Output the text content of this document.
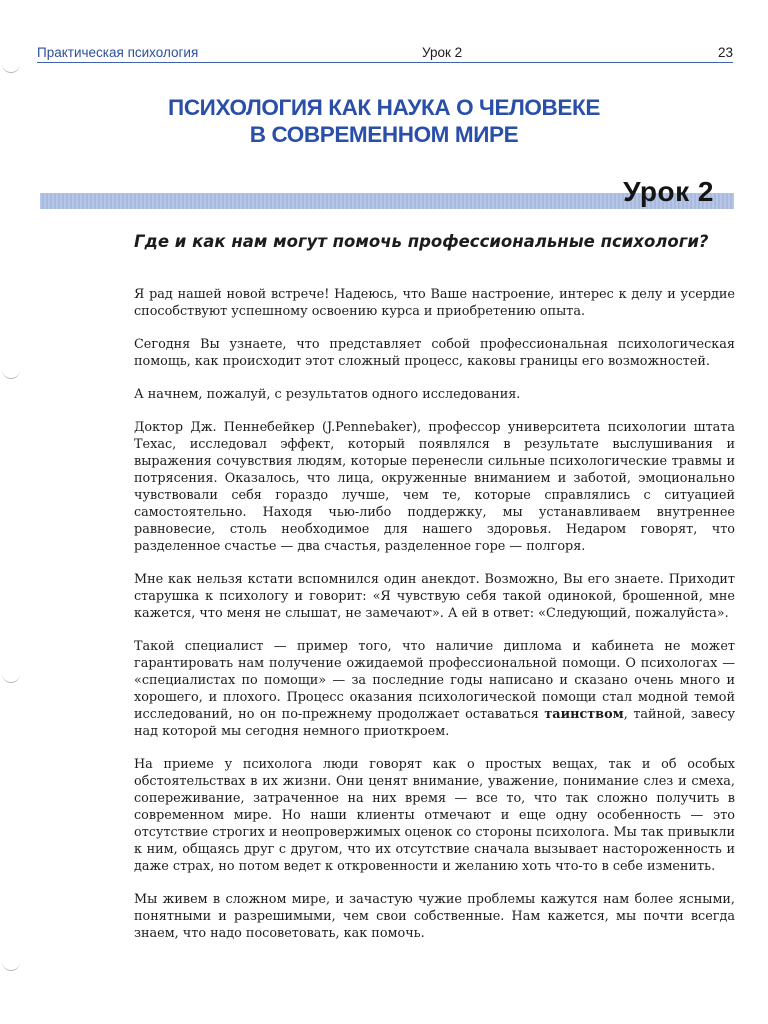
Практическая психология	Урок 2	23
ПСИХОЛОГИЯ КАК НАУКА О ЧЕЛОВЕКЕ
В СОВРЕМЕННОМ МИРЕ
Урок 2
Где и как нам могут помочь профессиональные психологи?

Я рад нашей новой встрече! Надеюсь, что Ваше настроение, интерес к делу и усердие способствуют успешному освоению курса и приобретению опыта.

Сегодня Вы узнаете, что представляет собой профессиональная психологическая помощь, как происходит этот сложный процесс, каковы границы его возможностей.

А начнем, пожалуй, с результатов одного исследования.

Доктор Дж. Пеннебейкер (J.Pennebaker), профессор университета психологии штата Техас, исследовал эффект, который появлялся в результате выслушивания и выражения сочувствия людям, которые перенесли сильные психологические травмы и потрясения. Оказалось, что лица, окруженные вниманием и заботой, эмоционально чувствовали себя гораздо лучше, чем те, которые справлялись с ситуацией самостоятельно. Находя чью-либо поддержку, мы устанавливаем внутреннее равновесие, столь необходимое для нашего здоровья. Недаром говорят, что разделенное счастье — два счастья, разделенное горе — полгоря.

Мне как нельзя кстати вспомнился один анекдот. Возможно, Вы его знаете. Приходит старушка к психологу и говорит: «Я чувствую себя такой одинокой, брошенной, мне кажется, что меня не слышат, не замечают». А ей в ответ: «Следующий, пожалуйста».

Такой специалист — пример того, что наличие диплома и кабинета не может гарантировать нам получение ожидаемой профессиональной помощи. О психологах — «специалистах по помощи» — за последние годы написано и сказано очень много и хорошего, и плохого. Процесс оказания психологической помощи стал модной темой исследований, но он по-прежнему продолжает оставаться таинством, тайной, завесу над которой мы сегодня немного приоткроем.

На приеме у психолога люди говорят как о простых вещах, так и об особых обстоятельствах в их жизни. Они ценят внимание, уважение, понимание слез и смеха, сопереживание, затраченное на них время — все то, что так сложно получить в современном мире. Но наши клиенты отмечают и еще одну особенность — это отсутствие строгих и неопровержимых оценок со стороны психолога. Мы так привыкли к ним, общаясь друг с другом, что их отсутствие сначала вызывает настороженность и даже страх, но потом ведет к откровенности и желанию хоть что-то в себе изменить.

Мы живем в сложном мире, и зачастую чужие проблемы кажутся нам более ясными, понятными и разрешимыми, чем свои собственные. Нам кажется, мы почти всегда знаем, что надо посоветовать, как помочь.
